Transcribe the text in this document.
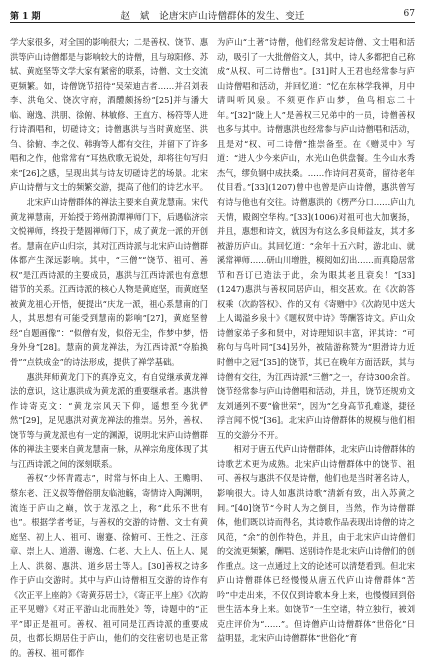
第 1 期	赵　斌　论唐宋庐山诗僧群体的发生、变迁	67

学大家很多，对全国的影响很大；二是善权、饶节、惠洪等庐山诗僧都是与影响较大的诗僧，且与琼阳修、苏轼、黄庭坚等文学大家有紧密的联系，诗僧、文士交流更频繁。如，诗僧饶节招待“吴荣迪吉者……并召刘表李、洪龟父、饶次守府，酒醴颇扬纷”[25]并与潘大临、谢逸、洪朋、徐俯、林敏修、王直方、杨符等人进行诗酒唱和，切磋诗文；诗僧惠洪与当时黄庭坚、洪刍、徐俯、李之仪、韩驹等人都有交往，并留下了许多唱和之作，他常常有“耳热欣歌无说处，却将往句写归来”[26]之感，呈现出其与诗友切磋诗艺的场景。北宋庐山诗僧与文士的频繁交游，提高了他们的诗艺水平。

北宋庐山诗僧群体的禅法主要来自黄龙慧南。宋代黄龙禅慧南，开始授于筠州泐潭禅师门下，后遇临济宗文悦禅师，终投于楚圆禅师门下，成了黄龙一派的开创者。慧南在庐山归宗，其对江西诗派与北宋庐山诗僧群体都产生深远影响。其中，“三僧”“饶节、祖可、善权”是江西诗派的主要成员，惠洪与江西诗派也有意想错节的关系。江西诗派的核心人物是黄庭坚，而黄庭坚被黄龙祖心开悟，便提出“庆龙一派，祖心系慧南的门人，其思想有可能受到慧南的影响”[27]，黄庭坚曾经“自题画像”：“似僧有发，似俗无尘，作梦中梦，悟身外身”[28]。慧南的黄龙禅法，为江西诗派“夺胎换骨”“点铁成金”的诗法形成，提供了禅学基础。

惠洪拜师黄龙门下的真净克文，有自觉继承黄龙禅法的意识，这让惠洪成为黄龙派的重要继承者。惠洪曾作诗寄克文：“黄龙宗风天下仰，遥想至今犹俨然”[29]，足见惠洪对黄龙禅法的推崇。另外，善权、饶节等与黄龙派也有一定的渊源，说明北宋庐山诗僧群体的禅法主要来自黄龙慧南一脉，从禅宗角度体现了其与江西诗派之间的深刻联系。

善权“少怀青霞志”，时常与怀由上人、王赡明、蔡东老、汪义叔等僧俗朋友临池觞，寄情诗入陶渊明，流连于庐山之巅，饮于龙泓之上，称“此乐不世有也”。根据学者考证，与善权的交游的诗僧、文士有黄庭坚、初上人、祖可、谢蹇、徐俯可、王性之、汪彦章、崇上人、道潜、谢逸、仁老、大上人、伍上人、晁上人、洪芻、惠洪、道乡居士等人。[30]善权之诗多作于庐山交游时。其中与庐山诗僧相互交游的诗作有《次正平上座韵》《寄黄芬居士》，《寄正平上座》《次韵正平见赠》《对正平游山北而胜处》等，诗题中的“正平”即正是祖可。善权、祖可同是江西诗派的重要成员，也都长期居住于庐山，他们的交往密切也是正常的。善权、祖可都作

为庐山“土著”诗僧，他们经常发起诗僧、文士唱和活动，吸引了一大批僧俗文人，其中，诗人多都把自己称成“从权、可二诗僧也”。[31]时人王君也经常参与庐山诗僧唱和活动，并回忆道：“忆在东林学我禅，月中请叫听风泉。不须更作庐山梦，鱼鸟相忘二十年。”[32]“陇上人”是善权三兄弟中的一员，诗僧善权也多与其中。诗僧惠洪也经常参与庐山诗僧唱和活动，且是对“权、可二诗僧”推崇备至。在《赠灵中》写道：“进人少今来庐山，水光山色供盘餐。生今山水秀杰气，缪负钢中成扶桑。……作诗问君莫奇，留待老年仗目看。”[33](1207)曾中也曾是庐山诗僧，惠洪曾写有诗与他也有交往。诗僧惠洪的《楞严分口……庐山九天情，殿阁空华构。”[33](1006)对祖可也大加褒扬，并且，惠想和诗文，就因为有这么多良师益友，其才多被游历庐山。其回忆道：“余年十五六时，游北山、就溪常禅师……研山川增胜，模阅如幻出……而真隐居常节和吾订已造法于此，余为眼其老且衰矣！”[33](1247)惠洪与善权同居庐山，相交甚欢。在《次韵答权乘（次韵答权》、作的又有《寄赠中》《次韵见中送大上人谒溢乡泉十》《题权贤中诗》等酬答诗文。庐山众诗僧家弟子多和贤中，对诗理知识丰富，评其诗：“可称句与鸟叶同”[34]另外，被陆游称赞为“胆滑诗力近时僧中之冠”[35]的饶节，其已在晚年方面活跃，其与诗僧有交往，为江西诗派“三僧”之一，存诗300余首。饶节经常参与庐山诗僧唱和活动，并且，饶节还规劝文友刘通列不要“偷世荣”，因为“乞身高节孔难遂，捷径浮言闻不悦”[36]。北宋庐山诗僧群体的规模与他们相互的交游分不开。

相对于唐五代庐山诗僧群体，北宋庐山诗僧群体的诗歌艺术更为成熟。北宋庐山诗僧群体中的饶节、祖可、善权与惠洪不仅是诗僧，他们也是当时著名诗人，影响很大。诗人如惠洪诗歌“清新有致，出入苏黄之间。”[40]饶节“今时人为之倒目，当然，作为诗僧群体，他们既以诗而得名，其诗歌作品表现出诗僧的诗之风范，“余”的创作特色，并且，由于北宋庐山诗僧们的交流更频繁，酬唱、送别诗作是北宋庐山诗僧们的创作重点。这一点通过上文的论述可以清楚看到。但北宋庐山诗僧群体已经慢慢从唐五代庐山诗僧群体“苦吟”中走出来，不仅仅到诗歌本身上来，也慢慢回到俗世生活本身上来。如饶节“一生空诸，特立独行，被刘克庄评价为“……”。但诗僧庐山诗僧群体“世俗化”日益明显，北宋庐山诗僧群体“世俗化”育
